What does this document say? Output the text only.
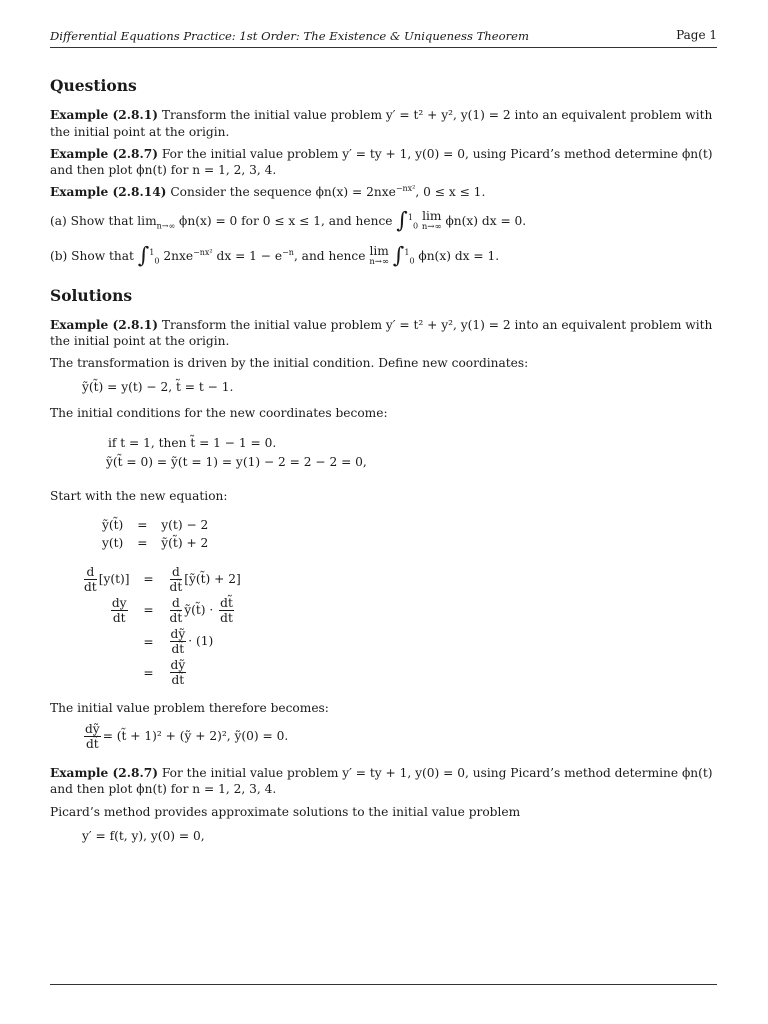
Differential Equations Practice: 1st Order: The Existence & Uniqueness Theorem	Page 1
Questions

Example (2.8.1) Transform the initial value problem y′ = t² + y², y(1) = 2 into an equivalent problem with the initial point at the origin.

Example (2.8.7) For the initial value problem y′ = ty + 1, y(0) = 0, using Picard’s method determine ϕn(t) and then plot ϕn(t) for n = 1, 2, 3, 4.

Example (2.8.14) Consider the sequence ϕn(x) = 2nxe$^{-nx^2}$, 0 ≤ x ≤ 1.

(a) Show that $\lim_{n\to\infty} \phi n(x) = 0$ for 0 ≤ x ≤ 1, and hence ∫$^1_0$ lim
n→∞ ϕn(x) dx = 0.

(b) Show that ∫$^1_0$ 2nxe$^{-nx^2}$ dx = $1 - e^{-n}$, and hence lim
n→∞ ∫$^1_0$ ϕn(x) dx = 1.

Solutions

Example (2.8.1) Transform the initial value problem y′ = t² + y², y(1) = 2 into an equivalent problem with the initial point at the origin.

The transformation is driven by the initial condition. Define new coordinates:

ỹ(t̃) = y(t) − 2, t̃ = t − 1.

The initial conditions for the new coordinates become:

if t = 1, then t̃ = 1 − 1 = 0.

ỹ(t̃ = 0) = ỹ(t = 1) = y(1) − 2 = 2 − 2 = 0,

Start with the new equation:

ỹ(t̃)	=	y(t) − 2
y(t)	=	ỹ(t̃) + 2
$\frac{d}{dt} [y(t)]$	=	$\frac{d}{dt̃}$ [ỹ(t̃) + 2]

$\frac{dy}{dt}$	=	$\frac{d}{dt̃}$ ỹ(t̃) · $\frac{dt̃}{dt}$

	=	$\frac{\text{dỹ}}{dt̃} \cdot (1)$
	=	$\frac{\text{dỹ}}{dt̃}$

The initial value problem therefore becomes:

$\frac{\text{dỹ}}{dt̃}$ = (t̃ + 1)² + (ỹ + 2)², ỹ(0) = 0.

Example (2.8.7) For the initial value problem y′ = ty + 1, y(0) = 0, using Picard’s method determine ϕn(t) and then plot ϕn(t) for n = 1, 2, 3, 4.

Picard’s method provides approximate solutions to the initial value problem

y′ = f(t, y), y(0) = 0,
